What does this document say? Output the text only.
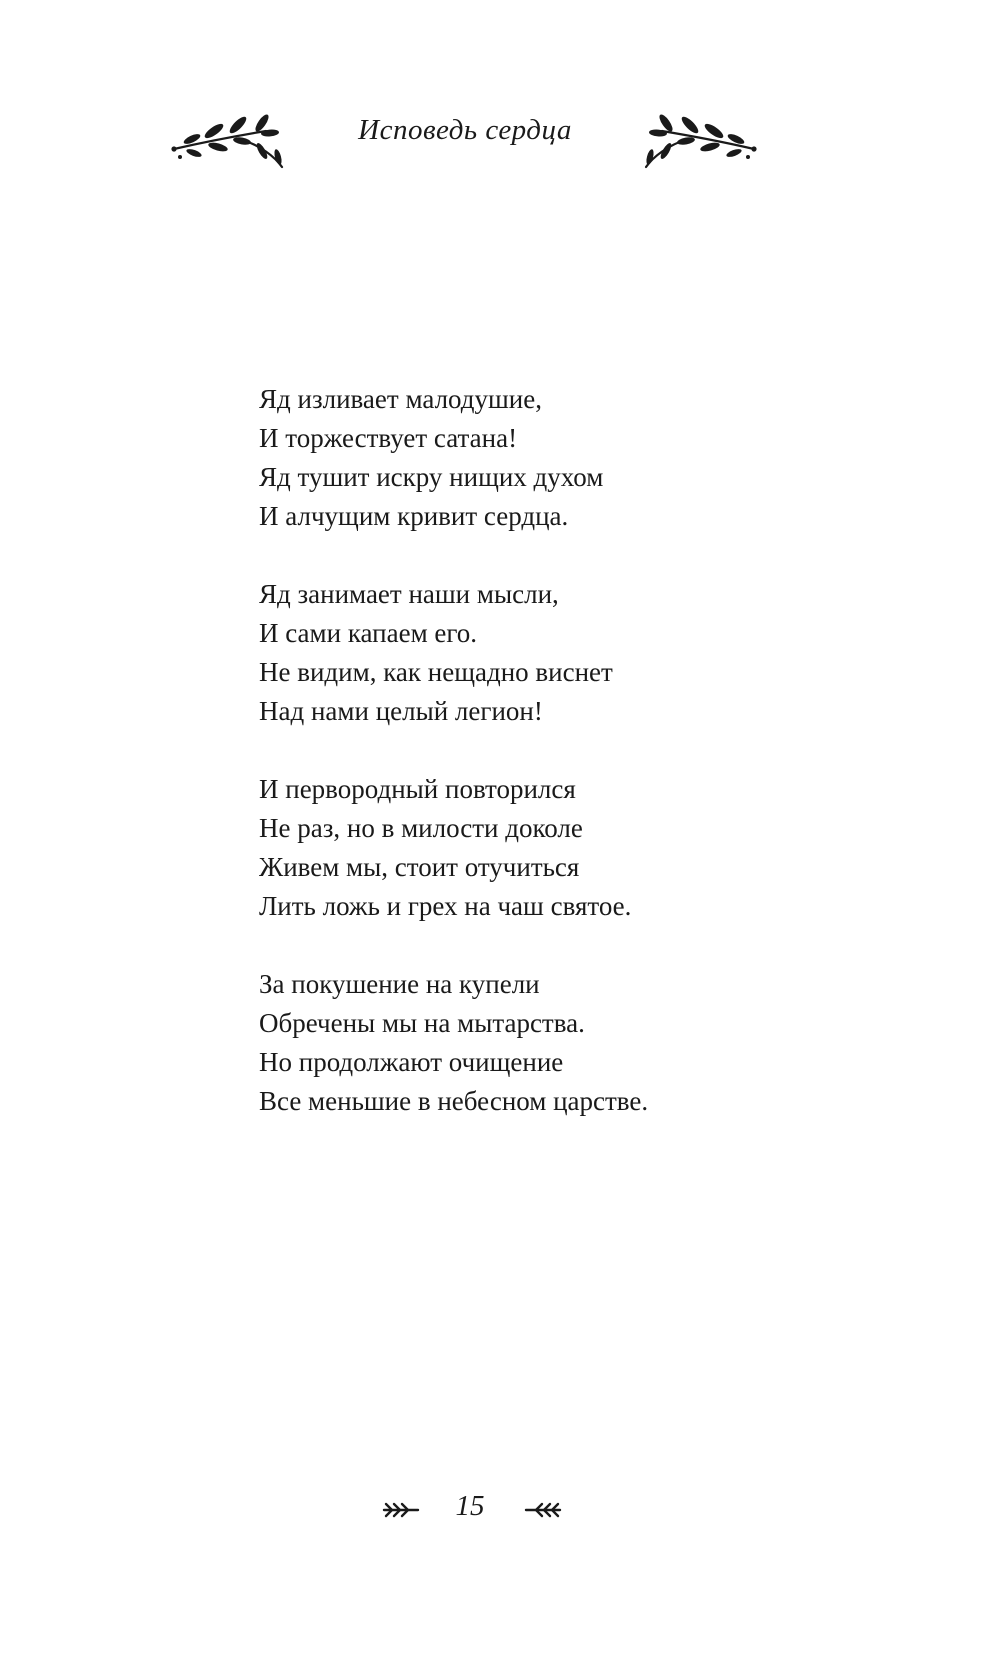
Исповедь сердца
Яд изливает малодушие,
И торжествует сатана!
Яд тушит искру нищих духом
И алчущим кривит сердца.
Яд занимает наши мысли,
И сами капаем его.
Не видим, как нещадно виснет
Над нами целый легион!
И первородный повторился
Не раз, но в милости доколе
Живем мы, стоит отучиться
Лить ложь и грех на чаш святое.
За покушение на купели
Обречены мы на мытарства.
Но продолжают очищение
Все меньшие в небесном царстве.
15
